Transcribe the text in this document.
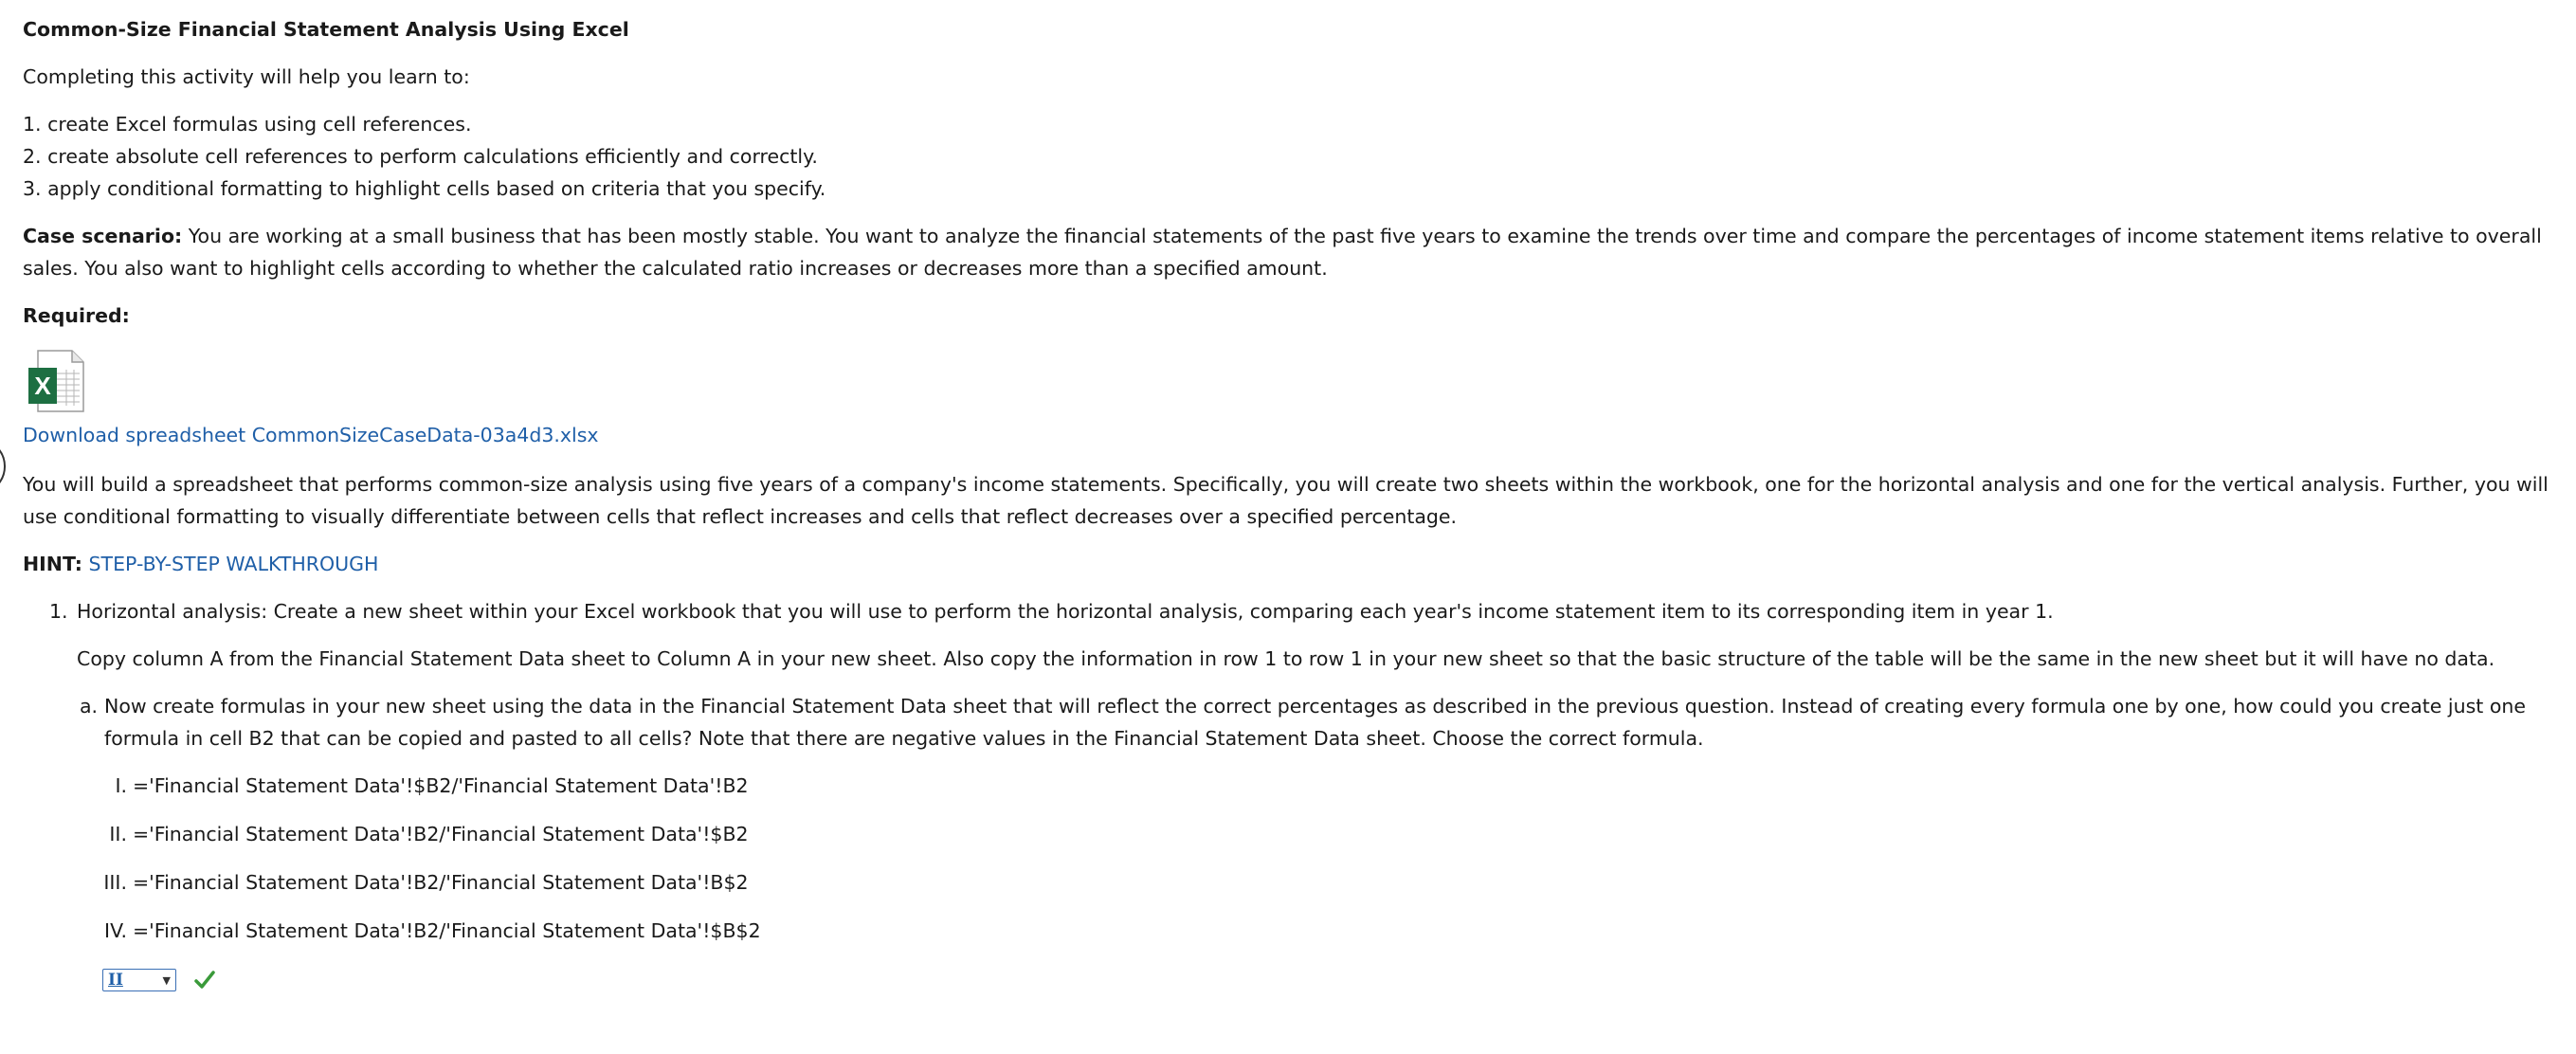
Common-Size Financial Statement Analysis Using Excel

Completing this activity will help you learn to:

1. create Excel formulas using cell references.
2. create absolute cell references to perform calculations efficiently and correctly.
3. apply conditional formatting to highlight cells based on criteria that you specify.

Case scenario: You are working at a small business that has been mostly stable. You want to analyze the financial statements of the past five years to examine the trends over time and compare the percentages of income statement items relative to overall sales. You also want to highlight cells according to whether the calculated ratio increases or decreases more than a specified amount.

Required:
X
Download spreadsheet CommonSizeCaseData-03a4d3.xlsx

You will build a spreadsheet that performs common-size analysis using five years of a company's income statements. Specifically, you will create two sheets within the workbook, one for the horizontal analysis and one for the vertical analysis. Further, you will use conditional formatting to visually differentiate between cells that reflect increases and cells that reflect decreases over a specified percentage.

HINT: STEP-BY-STEP WALKTHROUGH

1. Horizontal analysis: Create a new sheet within your Excel workbook that you will use to perform the horizontal analysis, comparing each year's income statement item to its corresponding item in year 1.

Copy column A from the Financial Statement Data sheet to Column A in your new sheet. Also copy the information in row 1 to row 1 in your new sheet so that the basic structure of the table will be the same in the new sheet but it will have no data.

a. Now create formulas in your new sheet using the data in the Financial Statement Data sheet that will reflect the correct percentages as described in the previous question. Instead of creating every formula one by one, how could you create just one formula in cell B2 that can be copied and pasted to all cells? Note that there are negative values in the Financial Statement Data sheet. Choose the correct formula.
I. ='Financial Statement Data'!$B2/'Financial Statement Data'!B2
II. ='Financial Statement Data'!B2/'Financial Statement Data'!$B2
III. ='Financial Statement Data'!B2/'Financial Statement Data'!B$2
IV. ='Financial Statement Data'!B2/'Financial Statement Data'!$B$2
II	▼
